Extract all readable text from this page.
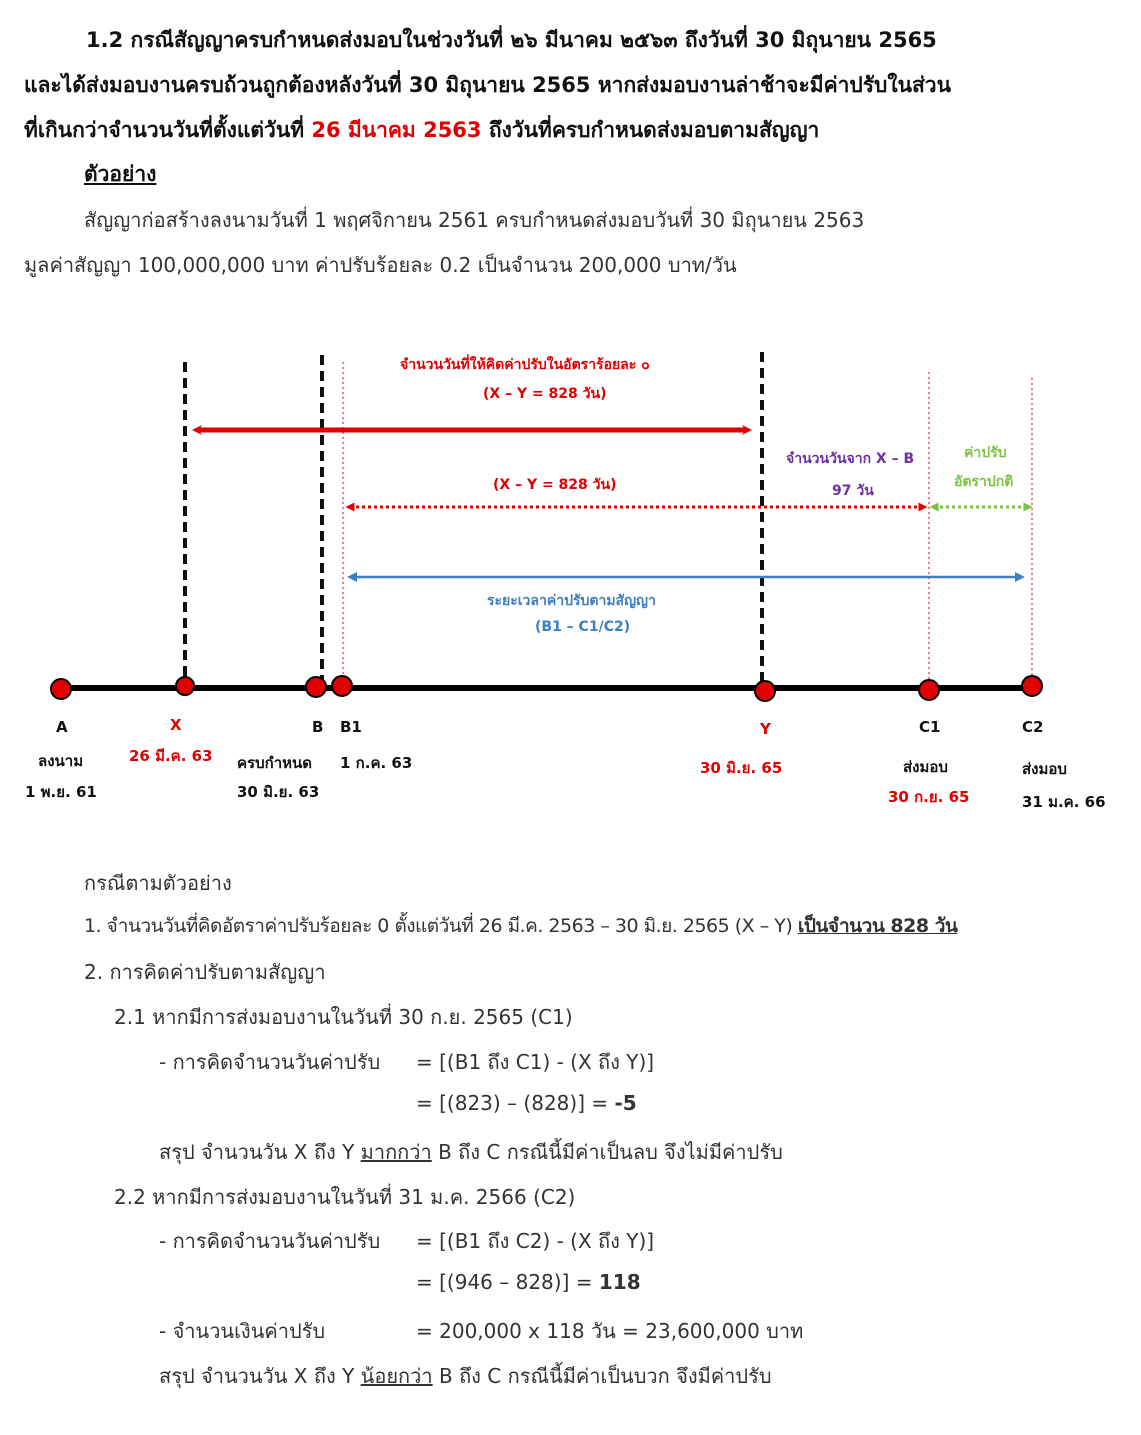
1.2 กรณีสัญญาครบกำหนดส่งมอบในช่วงวันที่ ๒๖ มีนาคม ๒๕๖๓ ถึงวันที่ 30 มิถุนายน 2565
และได้ส่งมอบงานครบถ้วนถูกต้องหลังวันที่ 30 มิถุนายน 2565 หากส่งมอบงานล่าช้าจะมีค่าปรับในส่วน
ที่เกินกว่าจำนวนวันที่ตั้งแต่วันที่ 26 มีนาคม 2563 ถึงวันที่ครบกำหนดส่งมอบตามสัญญา
ตัวอย่าง
สัญญาก่อสร้างลงนามวันที่ 1 พฤศจิกายน 2561 ครบกำหนดส่งมอบวันที่ 30 มิถุนายน 2563
มูลค่าสัญญา 100,000,000 บาท ค่าปรับร้อยละ 0.2 เป็นจำนวน 200,000 บาท/วัน
จำนวนวันที่ให้คิดค่าปรับในอัตราร้อยละ ๐
(X – Y = 828 วัน)
(X – Y = 828 วัน)
จำนวนวันจาก X – B
97 วัน
ค่าปรับ
อัตราปกติ
ระยะเวลาค่าปรับตามสัญญา
(B1 – C1/C2)
A
ลงนาม
1 พ.ย. 61
X
26 มี.ค. 63
B
ครบกำหนด
30 มิ.ย. 63
B1
1 ก.ค. 63
Y
30 มิ.ย. 65
C1
ส่งมอบ
30 ก.ย. 65
C2
ส่งมอบ
31 ม.ค. 66
กรณีตามตัวอย่าง
1. จำนวนวันที่คิดอัตราค่าปรับร้อยละ 0 ตั้งแต่วันที่ 26 มี.ค. 2563 – 30 มิ.ย. 2565 (X – Y) เป็นจำนวน 828 วัน
2. การคิดค่าปรับตามสัญญา
2.1 หากมีการส่งมอบงานในวันที่ 30 ก.ย. 2565 (C1)
- การคิดจำนวนวันค่าปรับ = [(B1 ถึง C1) - (X ถึง Y)]
= [(823) – (828)] = -5
สรุป จำนวนวัน X ถึง Y มากกว่า B ถึง C กรณีนี้มีค่าเป็นลบ จึงไม่มีค่าปรับ
2.2 หากมีการส่งมอบงานในวันที่ 31 ม.ค. 2566 (C2)
- การคิดจำนวนวันค่าปรับ = [(B1 ถึง C2) - (X ถึง Y)]
= [(946 – 828)] = 118
- จำนวนเงินค่าปรับ	= 200,000 x 118 วัน = 23,600,000 บาท
สรุป จำนวนวัน X ถึง Y น้อยกว่า B ถึง C กรณีนี้มีค่าเป็นบวก จึงมีค่าปรับ
